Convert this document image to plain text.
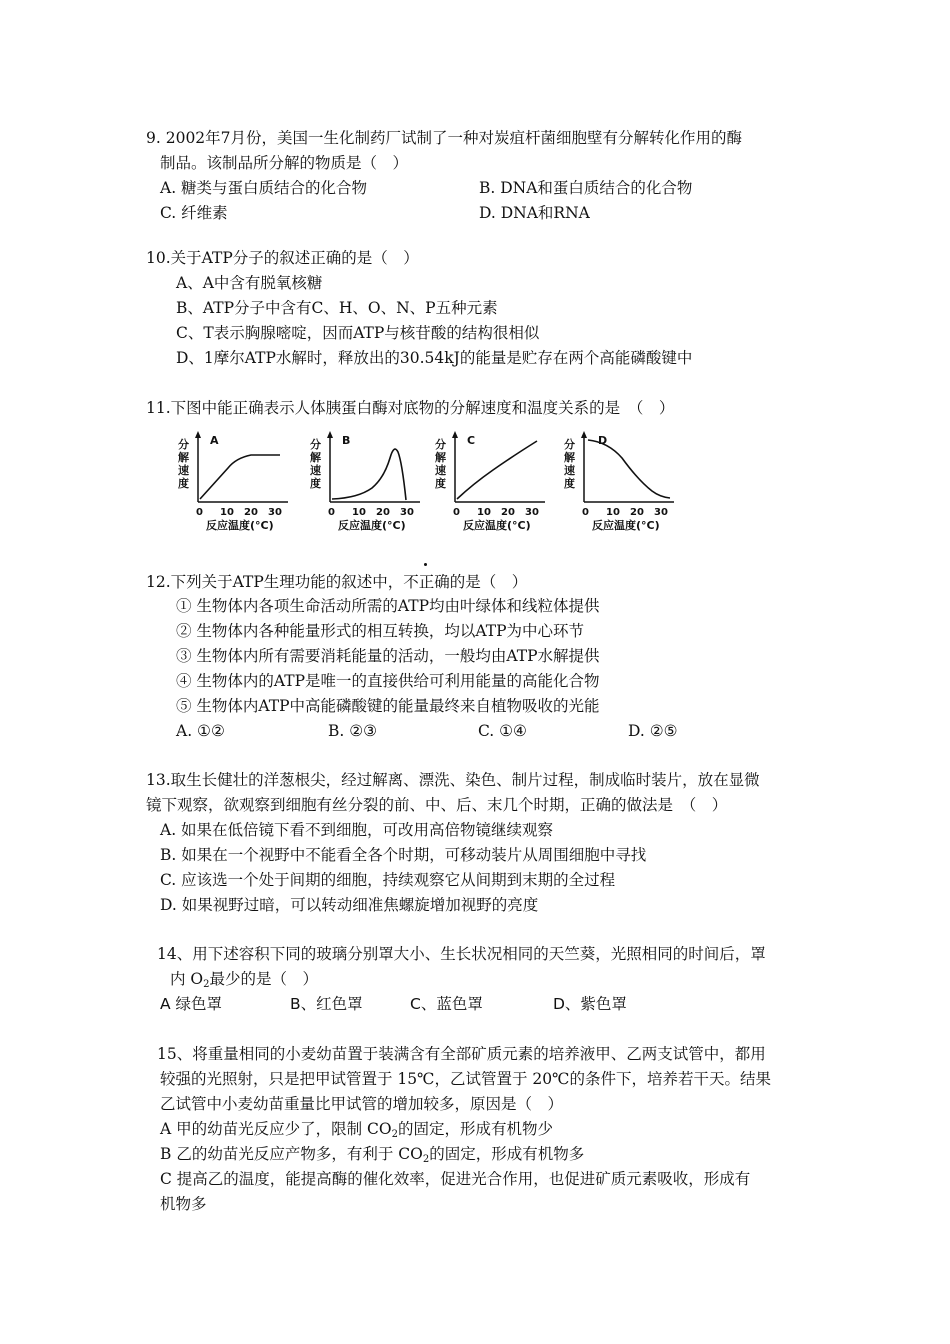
9. 2002年7月份，美国一生化制药厂试制了一种对炭疽杆菌细胞壁有分解转化作用的酶
制品。该制品所分解的物质是（　）
A. 糖类与蛋白质结合的化合物	B. DNA和蛋白质结合的化合物
C. 纤维素	D. DNA和RNA
10.关于ATP分子的叙述正确的是（　）
A、A中含有脱氧核糖
B、ATP分子中含有C、H、O、N、P五种元素
C、T表示胸腺嘧啶，因而ATP与核苷酸的结构很相似
D、1摩尔ATP水解时，释放出的30.54kJ的能量是贮存在两个高能磷酸键中
11.下图中能正确表示人体胰蛋白酶对底物的分解速度和温度关系的是　（　）
分
解
速
度
A
0 10 20 30
反应温度(°C)
分
解
速
度
B
0 10 20 30
反应温度(°C)
分
解
速
度
C
0 10 20 30
反应温度(°C)
分
解
速
度
D
0 10 20 30
反应温度(°C)
12.下列关于ATP生理功能的叙述中，不正确的是（　）
① 生物体内各项生命活动所需的ATP均由叶绿体和线粒体提供
② 生物体内各种能量形式的相互转换，均以ATP为中心环节
③ 生物体内所有需要消耗能量的活动，一般均由ATP水解提供
④ 生物体内的ATP是唯一的直接供给可利用能量的高能化合物
⑤ 生物体内ATP中高能磷酸键的能量最终来自植物吸收的光能
A. ①②	B. ②③	C. ①④	D. ②⑤
13.取生长健壮的洋葱根尖，经过解离、漂洗、染色、制片过程，制成临时装片，放在显微
镜下观察，欲观察到细胞有丝分裂的前、中、后、末几个时期，正确的做法是　（　）
A. 如果在低倍镜下看不到细胞，可改用高倍物镜继续观察
B. 如果在一个视野中不能看全各个时期，可移动装片从周围细胞中寻找
C. 应该选一个处于间期的细胞，持续观察它从间期到末期的全过程
D. 如果视野过暗，可以转动细准焦螺旋增加视野的亮度
14、用下述容积下同的玻璃分别罩大小、生长状况相同的天竺葵，光照相同的时间后，罩
内 $O_2$最少的是（　）
A 绿色罩	B、红色罩	C、蓝色罩	D、紫色罩
15、将重量相同的小麦幼苗置于装满含有全部矿质元素的培养液甲、乙两支试管中，都用
较强的光照射，只是把甲试管置于 15℃，乙试管置于 20℃的条件下，培养若干天。结果
乙试管中小麦幼苗重量比甲试管的增加较多，原因是（　）
A 甲的幼苗光反应少了，限制 $CO_2$的固定，形成有机物少
B 乙的幼苗光反应产物多，有利于 $CO_2$的固定，形成有机物多
C 提高乙的温度，能提高酶的催化效率，促进光合作用，也促进矿质元素吸收，形成有
机物多
